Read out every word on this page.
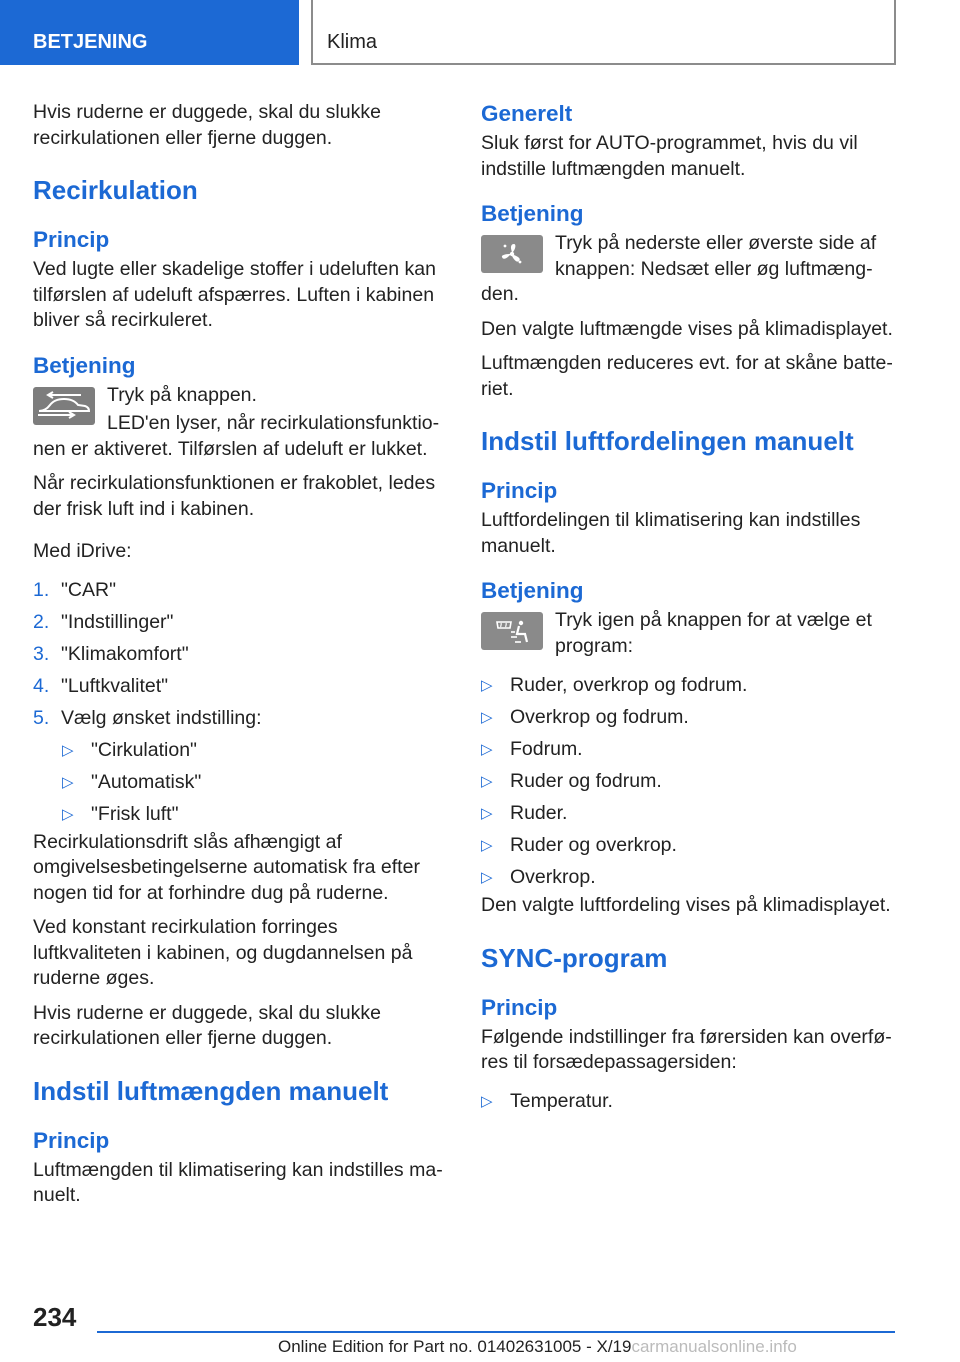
BETJENING	Klima

Hvis ruderne er duggede, skal du slukke recirkulationen eller fjerne duggen.

Recirkulation
Princip

Ved lugte eller skadelige stoffer i udeluften kan tilførslen af udeluft afspærres. Luften i kabinen bliver så recirkuleret.

Betjening
Tryk på knappen.
LED'en lyser, når recirkulationsfunktionen er aktiveret. Tilførslen af udeluft er lukket.

Når recirkulationsfunktionen er frakoblet, ledes der frisk luft ind i kabinen.

Med iDrive:

1. "CAR"
2. "Indstillinger"
3. "Klimakomfort"
4. "Luftkvalitet"
5. Vælg ønsket indstilling:
▷ "Cirkulation"
▷ "Automatisk"
▷ "Frisk luft"

Recirkulationsdrift slås afhængigt af omgivelsesbetingelserne automatisk fra efter nogen tid for at forhindre dug på ruderne.

Ved konstant recirkulation forringes luftkvaliteten i kabinen, og dugdannelsen på ruderne øges.

Hvis ruderne er duggede, skal du slukke recirkulationen eller fjerne duggen.

Indstil luftmængden manuelt
Princip

Luftmængden til klimatisering kan indstilles manuelt.

Generelt

Sluk først for AUTO-programmet, hvis du vil indstille luftmængden manuelt.

Betjening
Tryk på nederste eller øverste side af knappen: Nedsæt eller øg luftmængden.

Den valgte luftmængde vises på klimadisplayet.

Luftmængden reduceres evt. for at skåne batteriet.

Indstil luftfordelingen manuelt
Princip

Luftfordelingen til klimatisering kan indstilles manuelt.

Betjening
Tryk igen på knappen for at vælge et program:
▷ Ruder, overkrop og fodrum.
▷ Overkrop og fodrum.
▷ Fodrum.
▷ Ruder og fodrum.
▷ Ruder.
▷ Ruder og overkrop.
▷ Overkrop.

Den valgte luftfordeling vises på klimadisplayet.

SYNC-program
Princip

Følgende indstillinger fra førersiden kan overføres til forsædepassagersiden:

▷ Temperatur.
234
Online Edition for Part no. 01402631005 - X/19carmanualsonline.info
